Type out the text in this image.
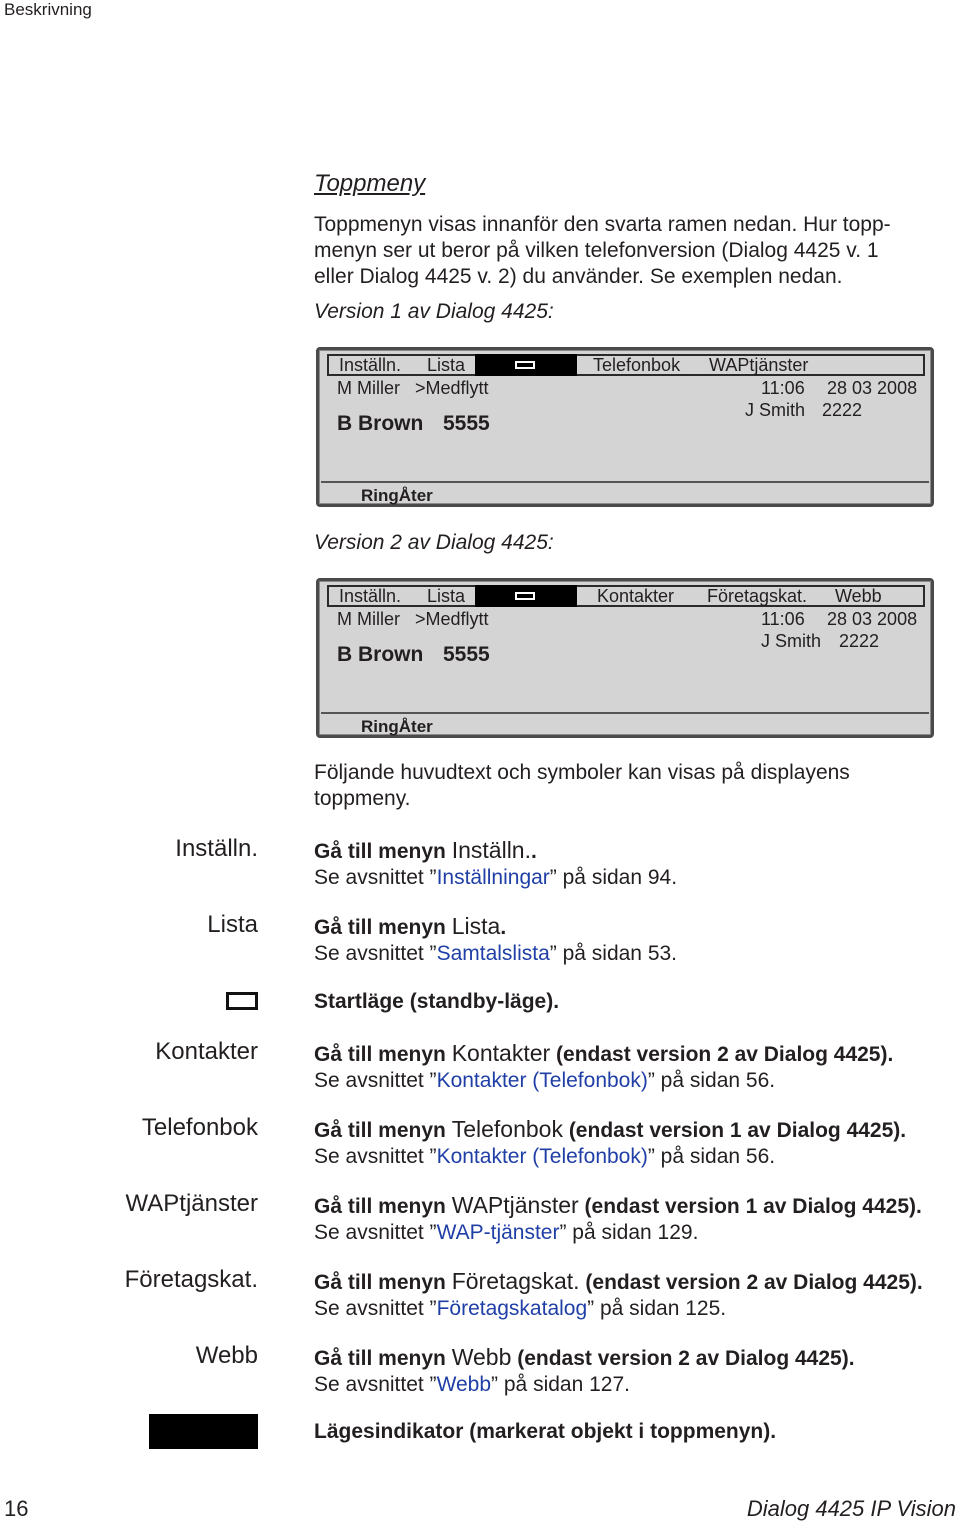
Beskrivning
Toppmeny
Toppmenyn visas innanför den svarta ramen nedan. Hur topp-menyn ser ut beror på vilken telefonversion (Dialog 4425 v. 1 eller Dialog 4425 v. 2) du använder. Se exemplen nedan.
Version 1 av Dialog 4425:
Inställn. Lista	Telefonbok WAPtjänster
M Miller >Medflytt	11:06 28 03 2008
J Smith 2222
B Brown 5555
RingÅter
Version 2 av Dialog 4425:
Inställn. Lista	Kontakter Företagskat. Webb
M Miller >Medflytt	11:06 28 03 2008
J Smith 2222
B Brown 5555
RingÅter
Följande huvudtext och symboler kan visas på displayens toppmeny.
Inställn.	Gå till menyn Inställn..
Se avsnittet ”Inställningar” på sidan 94.
Lista	Gå till menyn Lista.
Se avsnittet ”Samtalslista” på sidan 53.
Startläge (standby-läge).
Kontakter	Gå till menyn Kontakter (endast version 2 av Dialog 4425).
Se avsnittet ”Kontakter (Telefonbok)” på sidan 56.
Telefonbok	Gå till menyn Telefonbok (endast version 1 av Dialog 4425).
Se avsnittet ”Kontakter (Telefonbok)” på sidan 56.
WAPtjänster	Gå till menyn WAPtjänster (endast version 1 av Dialog 4425).
Se avsnittet ”WAP-tjänster” på sidan 129.
Företagskat.	Gå till menyn Företagskat. (endast version 2 av Dialog 4425).
Se avsnittet ”Företagskatalog” på sidan 125.
Webb	Gå till menyn Webb (endast version 2 av Dialog 4425).
Se avsnittet ”Webb” på sidan 127.
Lägesindikator (markerat objekt i toppmenyn).
16	Dialog 4425 IP Vision
